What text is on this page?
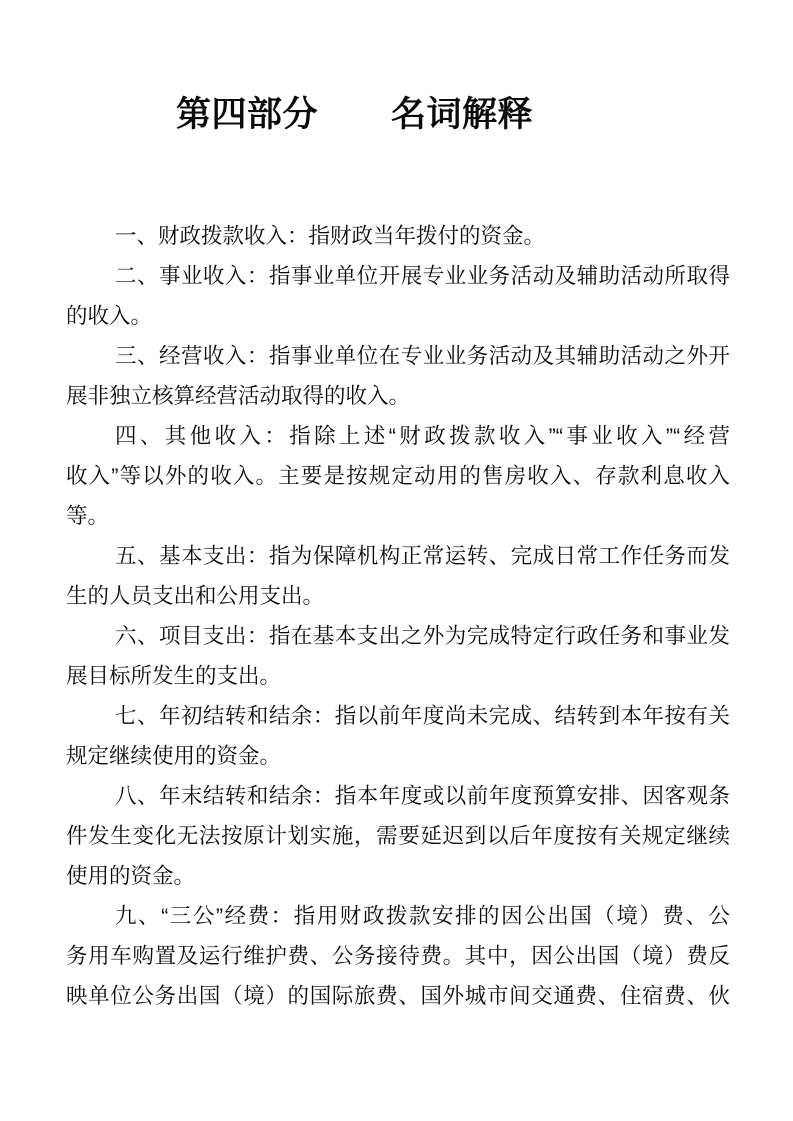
第四部分 名词解释
一、财政拨款收入：指财政当年拨付的资金。
二、事业收入：指事业单位开展专业业务活动及辅助活动所取得
的收入。
三、经营收入：指事业单位在专业业务活动及其辅助活动之外开
展非独立核算经营活动取得的收入。
四、其他收入：指除上述“财政拨款收入”“事业收入”“经营
收入”等以外的收入。主要是按规定动用的售房收入、存款利息收入
等。
五、基本支出：指为保障机构正常运转、完成日常工作任务而发
生的人员支出和公用支出。
六、项目支出：指在基本支出之外为完成特定行政任务和事业发
展目标所发生的支出。
七、年初结转和结余：指以前年度尚未完成、结转到本年按有关
规定继续使用的资金。
八、年末结转和结余：指本年度或以前年度预算安排、因客观条
件发生变化无法按原计划实施，需要延迟到以后年度按有关规定继续
使用的资金。
九、“三公”经费：指用财政拨款安排的因公出国（境）费、公
务用车购置及运行维护费、公务接待费。其中，因公出国（境）费反
映单位公务出国（境）的国际旅费、国外城市间交通费、住宿费、伙
